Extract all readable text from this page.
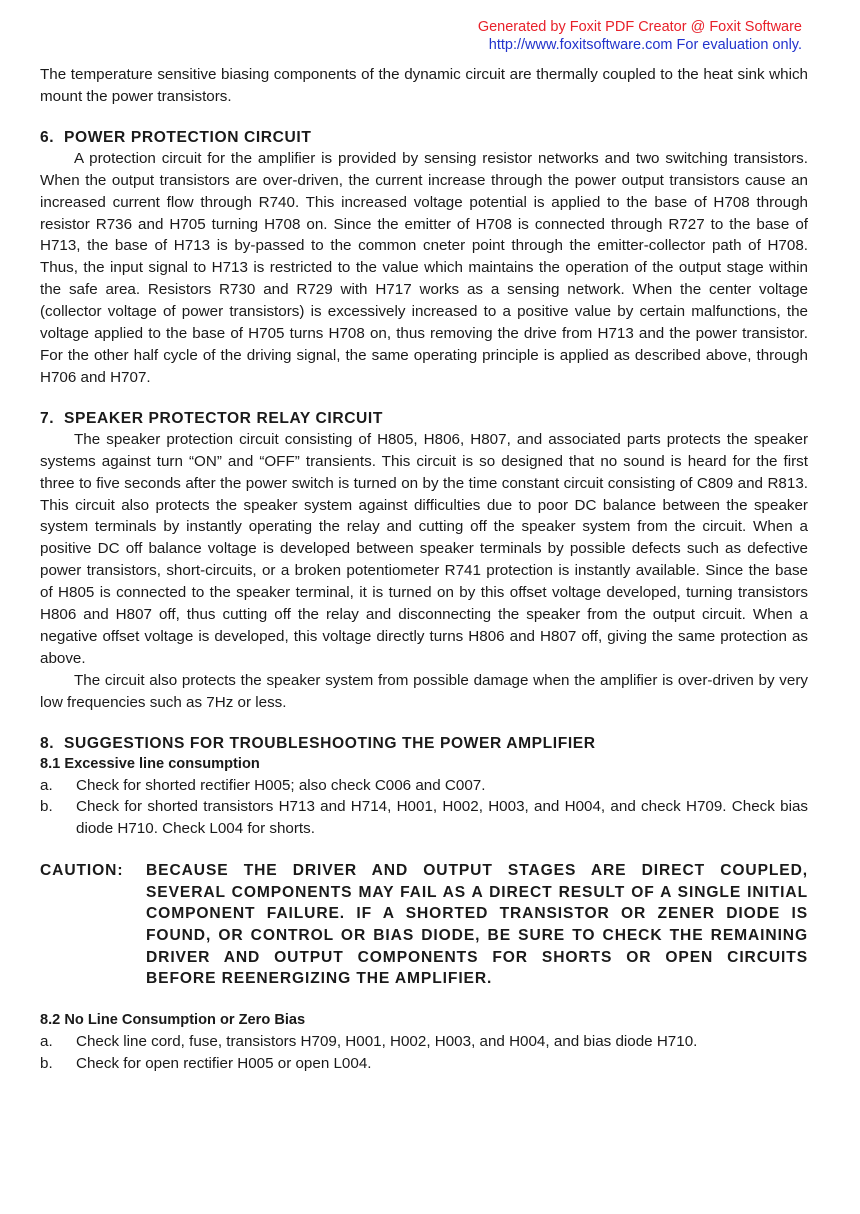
Generated by Foxit PDF Creator @ Foxit Software
http://www.foxitsoftware.com For evaluation only.

The temperature sensitive biasing components of the dynamic circuit are thermally coupled to the heat sink which mount the power transistors.

6. POWER PROTECTION CIRCUIT

A protection circuit for the amplifier is provided by sensing resistor networks and two switching transistors. When the output transistors are over-driven, the current increase through the power output transistors cause an increased current flow through R740. This increased voltage potential is applied to the base of H708 through resistor R736 and H705 turning H708 on. Since the emitter of H708 is connected through R727 to the base of H713, the base of H713 is by-passed to the common cneter point through the emitter-collector path of H708. Thus, the input signal to H713 is restricted to the value which maintains the operation of the output stage within the safe area. Resistors R730 and R729 with H717 works as a sensing network. When the center voltage (collector voltage of power transistors) is excessively increased to a positive value by certain malfunctions, the voltage applied to the base of H705 turns H708 on, thus removing the drive from H713 and the power transistor. For the other half cycle of the driving signal, the same operating principle is applied as described above, through H706 and H707.

7. SPEAKER PROTECTOR RELAY CIRCUIT

The speaker protection circuit consisting of H805, H806, H807, and associated parts protects the speaker systems against turn “ON” and “OFF” transients. This circuit is so designed that no sound is heard for the first three to five seconds after the power switch is turned on by the time constant circuit consisting of C809 and R813. This circuit also protects the speaker system against difficulties due to poor DC balance between the speaker system terminals by instantly operating the relay and cutting off the speaker system from the circuit. When a positive DC off balance voltage is developed between speaker terminals by possible defects such as defective power transistors, short-circuits, or a broken potentiometer R741 protection is instantly available. Since the base of H805 is connected to the speaker terminal, it is turned on by this offset voltage developed, turning transistors H806 and H807 off, thus cutting off the relay and disconnecting the speaker from the output circuit. When a negative offset voltage is developed, this voltage directly turns H806 and H807 off, giving the same protection as above.

The circuit also protects the speaker system from possible damage when the amplifier is over-driven by very low frequencies such as 7Hz or less.

8. SUGGESTIONS FOR TROUBLESHOOTING THE POWER AMPLIFIER
8.1 Excessive line consumption
a.	Check for shorted rectifier H005; also check C006 and C007.
b.	Check for shorted transistors H713 and H714, H001, H002, H003, and H004, and check H709. Check bias diode H710. Check L004 for shorts.
CAUTION:	BECAUSE THE DRIVER AND OUTPUT STAGES ARE DIRECT COUPLED, SEVERAL COMPONENTS MAY FAIL AS A DIRECT RESULT OF A SINGLE INITIAL COMPONENT FAILURE. IF A SHORTED TRANSISTOR OR ZENER DIODE IS FOUND, OR CONTROL OR BIAS DIODE, BE SURE TO CHECK THE REMAINING DRIVER AND OUTPUT COMPONENTS FOR SHORTS OR OPEN CIRCUITS BEFORE REENERGIZING THE AMPLIFIER.
8.2 No Line Consumption or Zero Bias
a.	Check line cord, fuse, transistors H709, H001, H002, H003, and H004, and bias diode H710.
b.	Check for open rectifier H005 or open L004.
